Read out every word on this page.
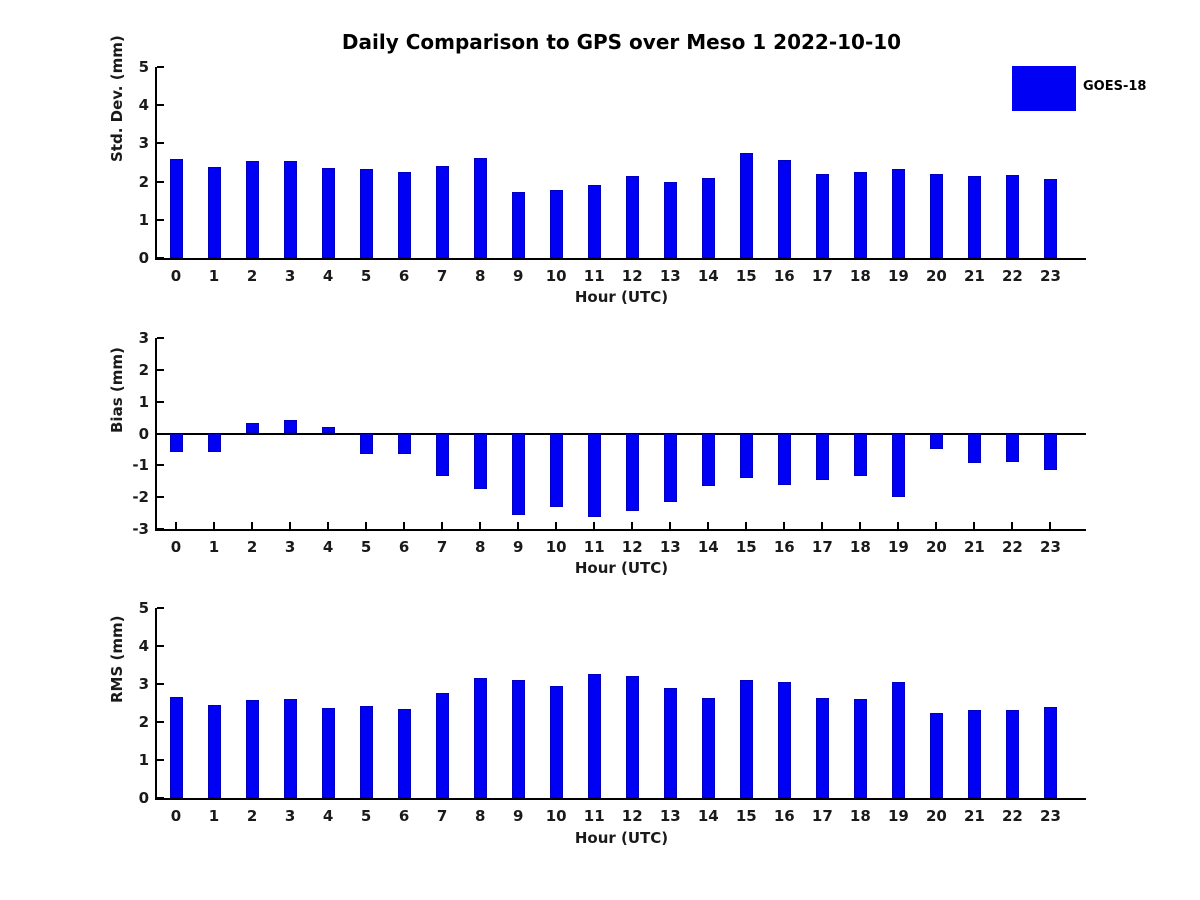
Daily Comparison to GPS over Meso 1 2022-10-10
GOES-18
Std. Dev. (mm)
0
1
2
3
4
5
0	1	2	3	4	5	6	7	8	9	10	11	12	13	14	15	16	17	18	19	20	21	22	23
Hour (UTC)
Bias (mm)
3
2
1
0
-1
-2
-3
0	1	2	3	4	5	6	7	8	9	10	11	12	13	14	15	16	17	18	19	20	21	22	23
Hour (UTC)
RMS (mm)
0
1
2
3
4
5
0	1	2	3	4	5	6	7	8	9	10	11	12	13	14	15	16	17	18	19	20	21	22	23
Hour (UTC)
